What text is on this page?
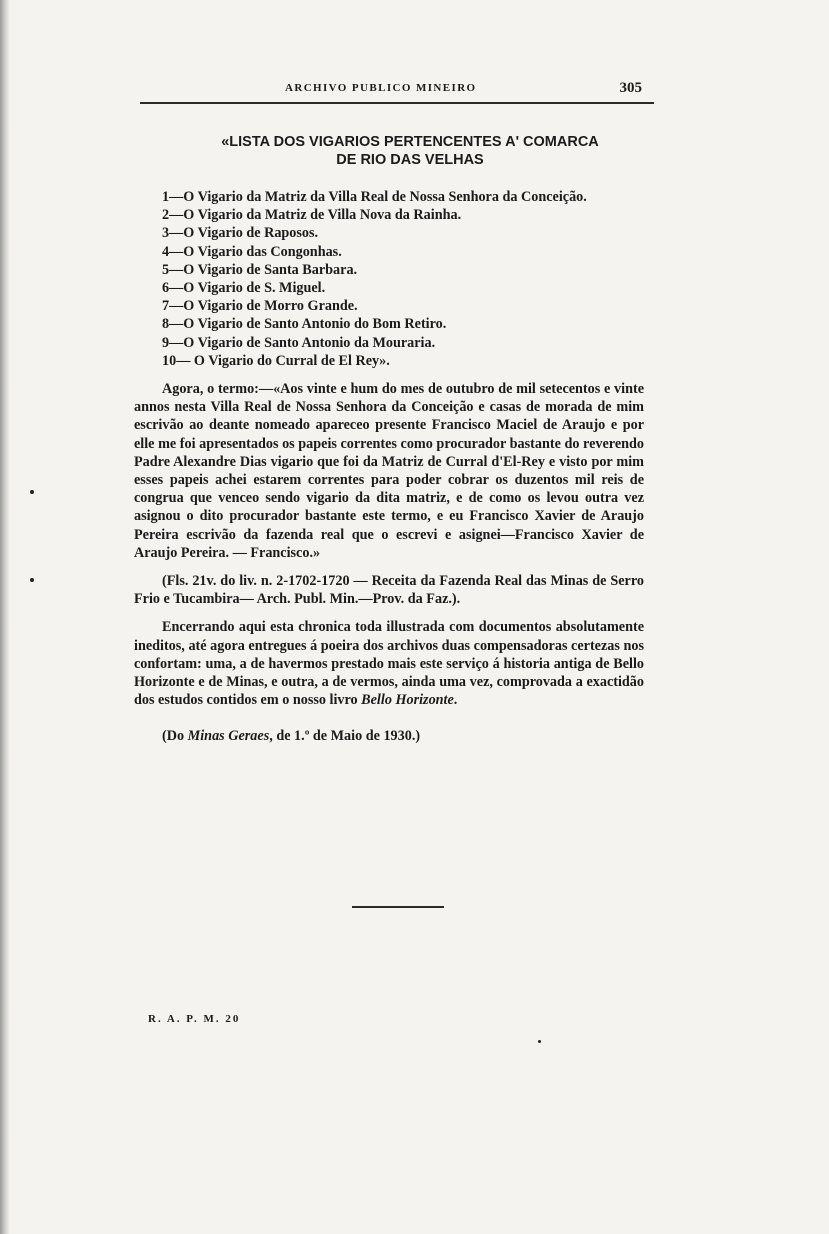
ARCHIVO PUBLICO MINEIRO	305
«LISTA DOS VIGARIOS PERTENCENTES A' COMARCA
DE RIO DAS VELHAS

1—O Vigario da Matriz da Villa Real de Nossa Senhora da Conceição.

2—O Vigario da Matriz de Villa Nova da Rainha.

3—O Vigario de Raposos.

4—O Vigario das Congonhas.

5—O Vigario de Santa Barbara.

6—O Vigario de S. Miguel.

7—O Vigario de Morro Grande.

8—O Vigario de Santo Antonio do Bom Retiro.

9—O Vigario de Santo Antonio da Mouraria.

10— O Vigario do Curral de El Rey».

Agora, o termo:—«Aos vinte e hum do mes de outubro de mil setecentos e vinte annos nesta Villa Real de Nossa Senhora da Conceição e casas de morada de mim escrivão ao deante nomeado apareceo presente Francisco Maciel de Araujo e por elle me foi apresentados os papeis correntes como procurador bastante do reverendo Padre Alexandre Dias vigario que foi da Matriz de Curral d'El-Rey e visto por mim esses papeis achei estarem correntes para poder cobrar os duzentos mil reis de congrua que venceo sendo vigario da dita matriz, e de como os levou outra vez asignou o dito procurador bastante este termo, e eu Francisco Xavier de Araujo Pereira escrivão da fazenda real que o escrevi e asignei—Francisco Xavier de Araujo Pereira. — Francisco.»

(Fls. 21v. do liv. n. 2-1702-1720 — Receita da Fazenda Real das Minas de Serro Frio e Tucambira— Arch. Publ. Min.—Prov. da Faz.).

Encerrando aqui esta chronica toda illustrada com documentos absolutamente ineditos, até agora entregues á poeira dos archivos duas compensadoras certezas nos confortam: uma, a de havermos prestado mais este serviço á historia antiga de Bello Horizonte e de Minas, e outra, a de vermos, ainda uma vez, comprovada a exactidão dos estudos contidos em o nosso livro Bello Horizonte.

(Do Minas Geraes, de 1.º de Maio de 1930.)

R. A. P. M. 20
